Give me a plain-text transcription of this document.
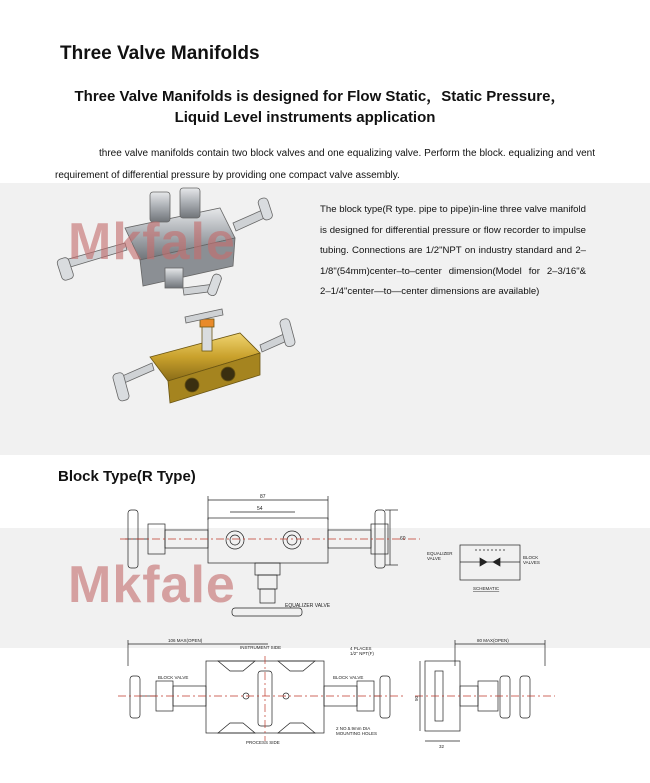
Three Valve Manifolds
Three Valve Manifolds is designed for Flow Static，Static Pressure，
Liquid Level instruments application
three valve manifolds contain two block valves and one equalizing valve. Perform the block. equalizing and vent requirement of differential pressure by providing one compact valve assembly.
Mkfale
The block type(R type. pipe to pipe)in-line three valve manifold is designed for differential pressure or flow recorder to impulse tubing. Connections are 1/2"NPT on industry standard and 2–1/8"(54mm)center–to–center dimension(Model for 2–3/16"& 2–1/4"center—to—center dimensions are available)
Block Type(R Type)
87
54
60
EQUALIZER VALVE
EQUALIZER VALVE	BLOCK VALVES
SCHEMATIC
Mkfale
106 MAX(OPEN)
INSTRUMENT SIDE	4 PLACES 1/2" NPT(F)
BLOCK VALVE	BLOCK VALVE
PROCESS SIDE
2 NO.5.9mm DIA MOUNTING HOLES
80 MAX(OPEN)
50
32
